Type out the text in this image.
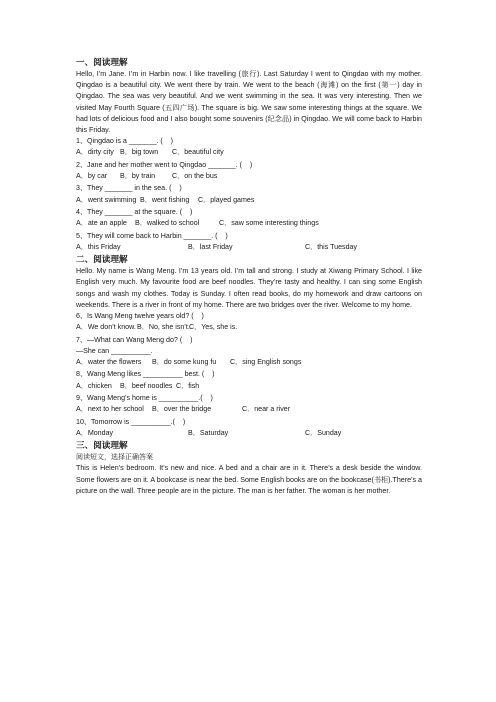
一、阅读理解

Hello, I’m Jane. I’m in Harbin now. I like travelling (旅行). Last Saturday I went to Qingdao with my mother. Qingdao is a beautiful city. We went there by train. We went to the beach (海滩) on the first (第一) day in Qingdao. The sea was very beautiful. And we went swimming in the sea. It was very interesting. Then we visited May Fourth Square (五四广场). The square is big. We saw some interesting things at the square. We had lots of delicious food and I also bought some souvenirs (纪念品) in Qingdao. We will come back to Harbin this Friday.

1、Qingdao is a _______. (    )

A．dirty city

B．big town

C．beautiful city

2、Jane and her mother went to Qingdao _______. (    )

A．by car

B．by train

C．on the bus

3、They _______ in the sea. (    )

A．went swimming

B．went fishing

C．played games

4、They _______ at the square. (    )

A．ate an apple

B．walked to school

	C．saw some interesting things

5、They will come back to Harbin _______. (    )

A．this Friday

	B．last Friday

	C．this Tuesday

二、阅读理解

Hello. My name is Wang Meng. I’m 13 years old. I’m tall and strong. I study at Xiwang Primary School. I like English very much. My favourite food are beef noodles. They’re tasty and healthy. I can sing some English songs and wash my clothes. Today is Sunday. I often read books, do my homework and draw cartoons on weekends. There is a river in front of my home. There are two bridges over the river. Welcome to my home.

6、Is Wang Meng twelve years old? (    )

A．We don’t know.

B．No, she isn’t.

C．Yes, she is.

7、—What can Wang Meng do? (    )

—She can __________.

A．water the flowers

B．do some kung fu

C．sing English songs

8、Wang Meng likes __________ best. (    )

A．chicken

B．beef noodles

C．fish

9、Wang Meng’s home is __________.(    )

A．next to her school

B．over the bridge

	C．near a river

10、Tomorrow is __________.(    )

A．Monday

	B．Saturday

	C．Sunday

三、阅读理解

阅读短文，选择正确答案

This is Helen’s bedroom. It’s new and nice. A bed and a chair are in it. There’s a desk beside the window. Some flowers are on it. A bookcase is near the bed. Some English books are on the bookcase(书柜).There’s a picture on the wall. Three people are in the picture. The man is her father. The woman is her mother.
